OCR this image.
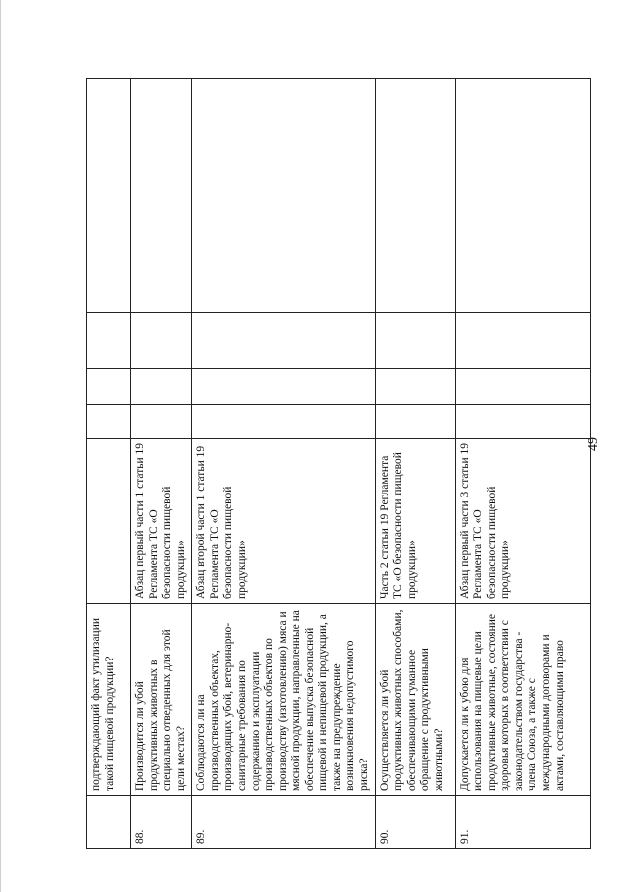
49
	подтверждающий факт утилизации такой пищевой продукции?					
88.	Производится ли убой продуктивных животных в специально отведенных для этой цели местах?	Абзац первый части 1 статьи 19 Регламента ТС «О безопасности пищевой продукции»				
89.	Соблюдаются ли на производственных объектах, производящих убой, ветеринарно-санитарные требования по содержанию и эксплуатации производственных объектов по производству (изготовлению) мяса и мясной продукции, направленные на обеспечение выпуска безопасной пищевой и непищевой продукции, а также на предупреждение возникновения недопустимого риска?	Абзац второй части 1 статьи 19 Регламента ТС «О безопасности пищевой продукции»				
90.	Осуществляется ли убой продуктивных животных способами, обеспечивающими гуманное обращение с продуктивными животными?	Часть 2 статьи 19 Регламента ТС «О безопасности пищевой продукции»				
91.	Допускается ли к убою для использования на пищевые цели продуктивные животные, состояние здоровья которых в соответствии с законодательством государства - члена Союза, а также с международными договорами и актами, составляющими право	Абзац первый части 3 статьи 19 Регламента ТС «О безопасности пищевой продукции»				
